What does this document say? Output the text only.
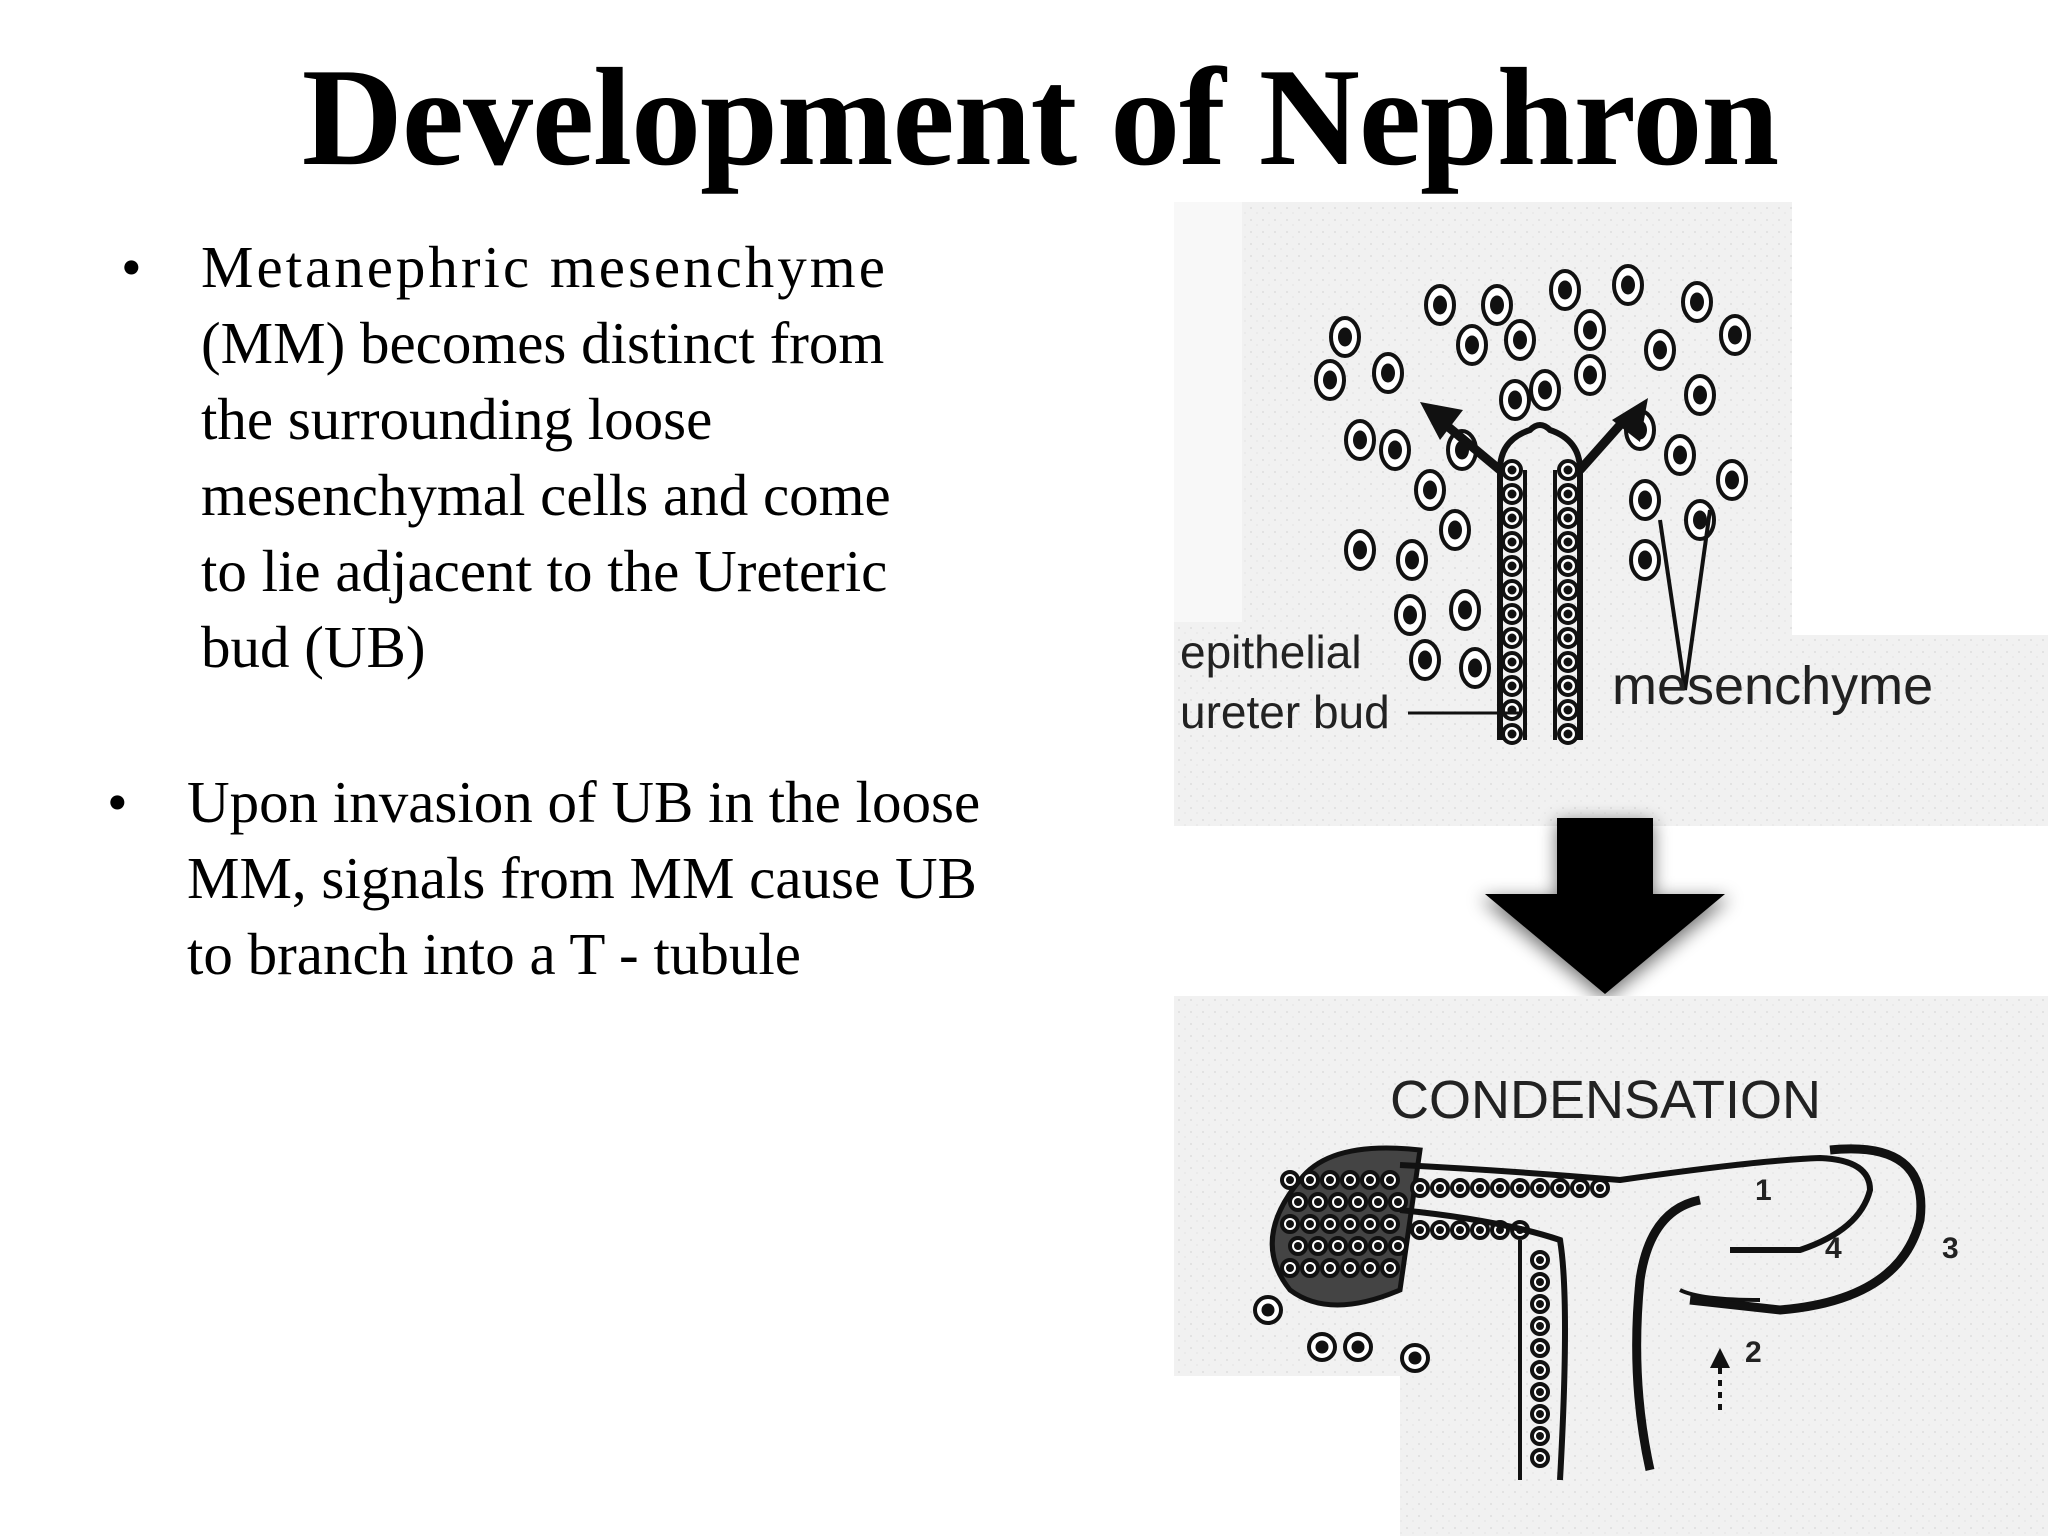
Development of Nephron
• Metanephric mesenchyme
(MM) becomes distinct from
the surrounding loose
mesenchymal cells and come
to lie adjacent to the Ureteric
bud (UB)
• Upon invasion of UB in the loose
MM, signals from MM cause UB
to branch into a T - tubule
epithelial
ureter bud	mesenchyme
CONDENSATION
1
2
3
4
